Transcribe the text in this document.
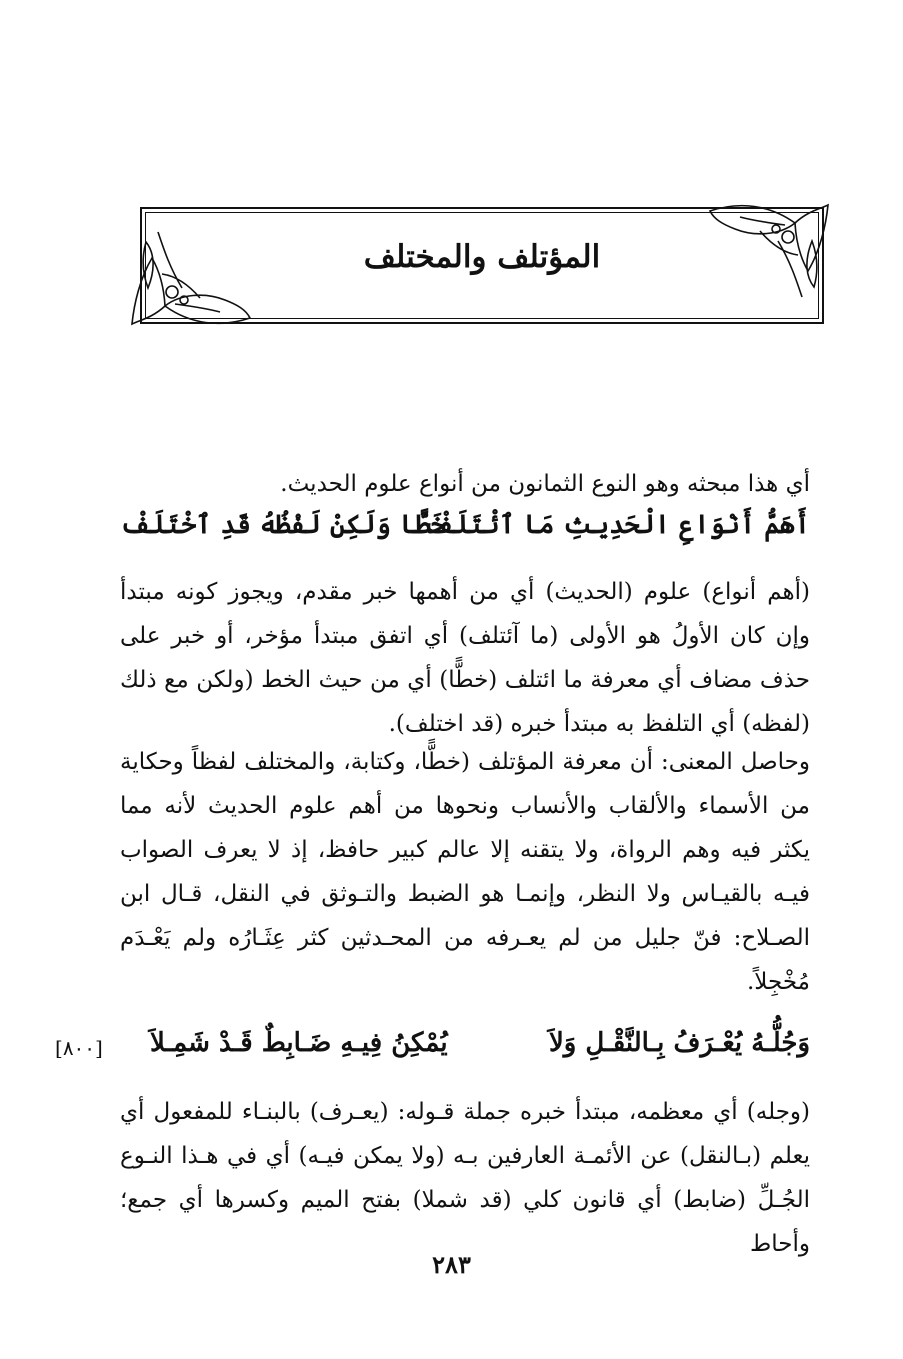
المؤتلف والمختلف
أي هذا مبحثه وهو النوع الثمانون من أنواع علوم الحديث.
أَهَمُّ أَنْوَاعِ الْحَدِيثِ مَا ٱئْتَلَفْ
خَطًّا وَلَكِنْ لَفْظُهُ قَدِ ٱخْتَلَفْ
(أهم أنواع) علوم (الحديث) أي من أهمها خبر مقدم، ويجوز كونه مبتدأ وإن كان الأولُ هو الأولى (ما آئتلف) أي اتفق مبتدأ مؤخر، أو خبر على حذف مضاف أي معرفة ما ائتلف (خطًّا) أي من حيث الخط (ولكن مع ذلك (لفظه) أي التلفظ به مبتدأ خبره (قد اختلف).
وحاصل المعنى: أن معرفة المؤتلف (خطًّا، وكتابة، والمختلف لفظاً وحكاية من الأسماء والألقاب والأنساب ونحوها من أهم علوم الحديث لأنه مما يكثر فيه وهم الرواة، ولا يتقنه إلا عالم كبير حافظ، إذ لا يعرف الصواب فيـه بالقيـاس ولا النظر، وإنمـا هو الضبط والتـوثق في النقل، قـال ابن الصـلاح: فنّ جليل من لم يعـرفه من المحـدثين كثر عِثَـارُه ولم يَعْـدَم مُخْجِلاً.
وَجُلُّـهُ يُعْـرَفُ بِـالنَّقْـلِ وَلاَ
يُمْكِنُ فِيـهِ ضَـابِطٌ قَـدْ شَمِـلاَ
[٨٠٠]
(وجله) أي معظمه، مبتدأ خبره جملة قـوله: (يعـرف) بالبنـاء للمفعول أي يعلم (بـالنقل) عن الأئمـة العارفين بـه (ولا يمكن فيـه) أي في هـذا النـوع الجُـلِّ (ضابط) أي قانون كلي (قد شملا) بفتح الميم وكسرها أي جمع؛ وأحاط
٢٨٣
